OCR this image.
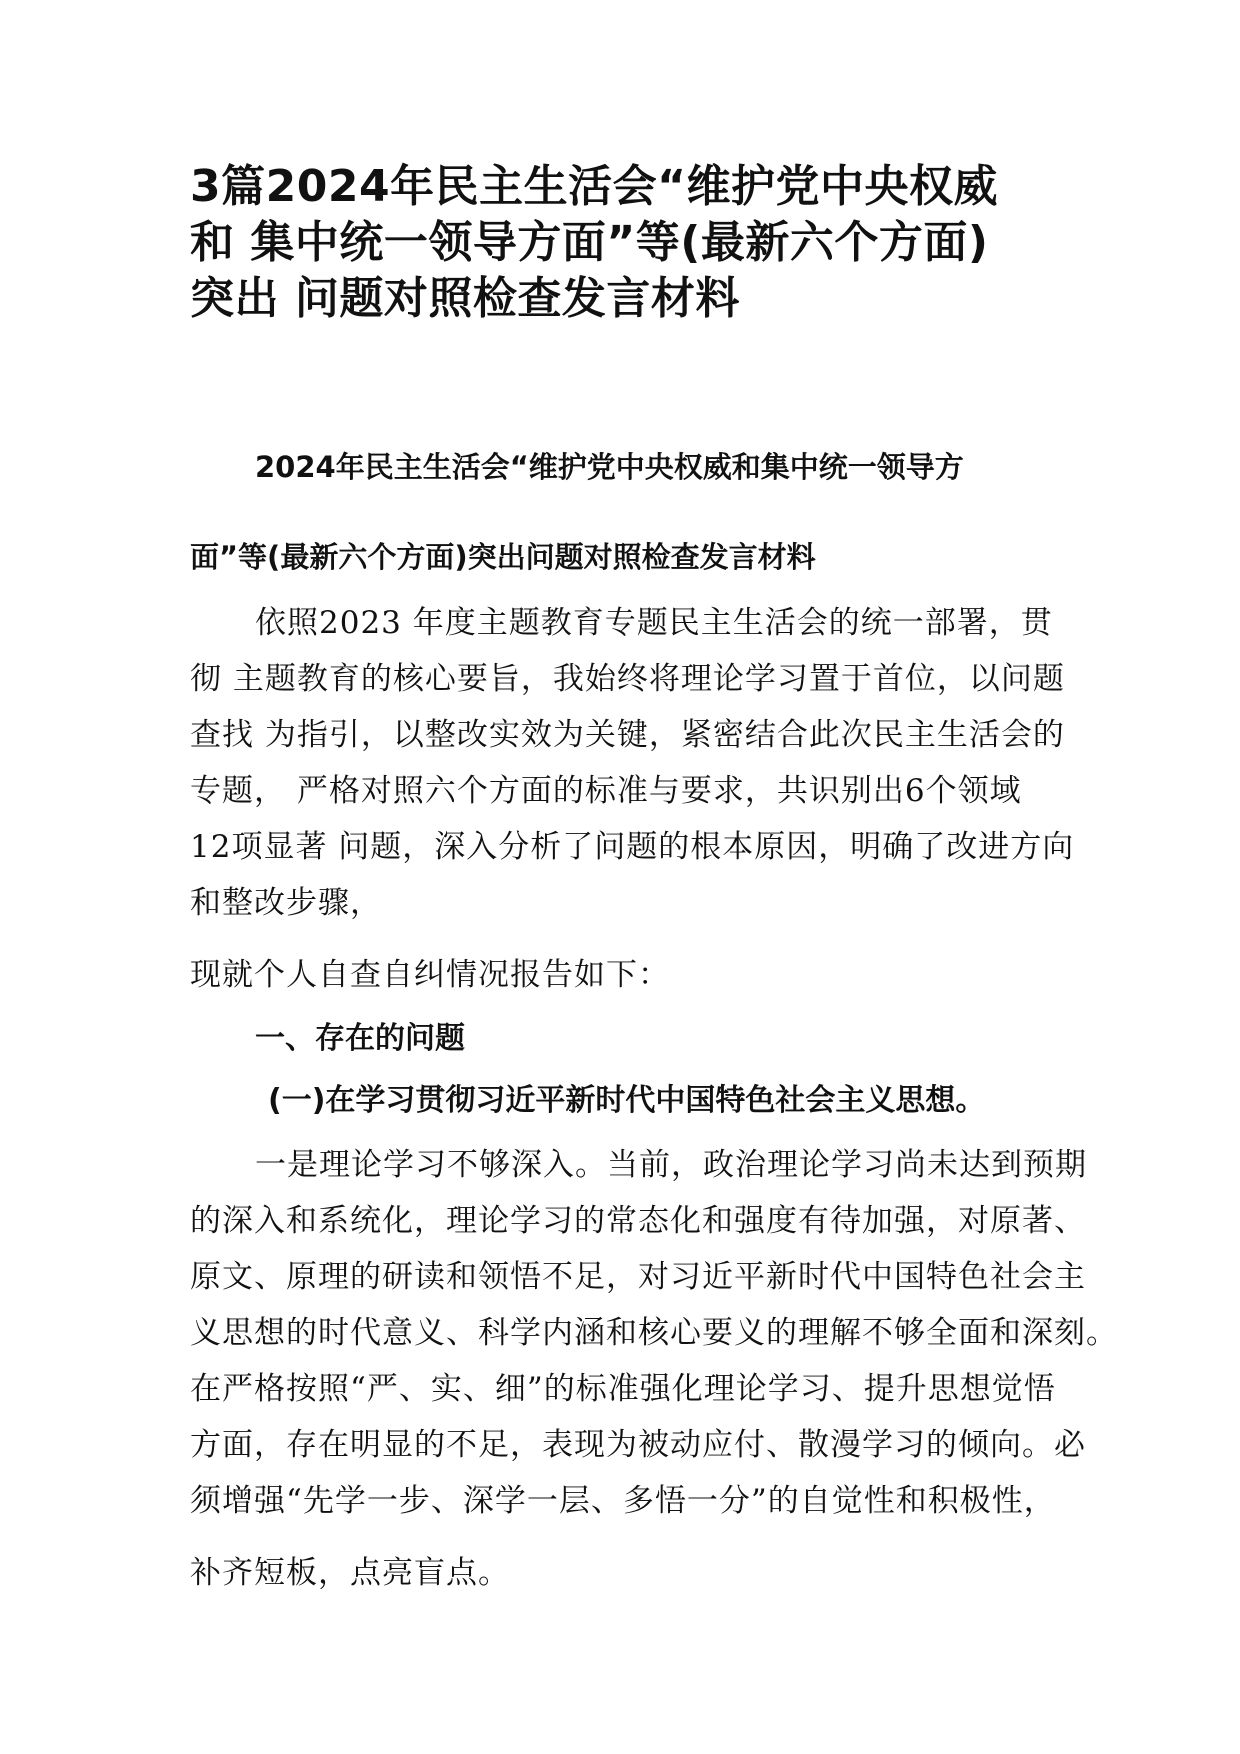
3篇2024年民主生活会“维护党中央权威
和 集中统一领导方面”等(最新六个方面)
突出 问题对照检查发言材料
2024年民主生活会“维护党中央权威和集中统一领导方
面”等(最新六个方面)突出问题对照检查发言材料
依照2023 年度主题教育专题民主生活会的统一部署，贯
彻 主题教育的核心要旨，我始终将理论学习置于首位，以问题
查找 为指引，以整改实效为关键，紧密结合此次民主生活会的
专题， 严格对照六个方面的标准与要求，共识别出6个领域
12项显著 问题，深入分析了问题的根本原因，明确了改进方向
和整改步骤，
现就个人自查自纠情况报告如下：
一、存在的问题
(一)在学习贯彻习近平新时代中国特色社会主义思想。
一是理论学习不够深入。当前，政治理论学习尚未达到预期
的深入和系统化，理论学习的常态化和强度有待加强，对原著、
原文、原理的研读和领悟不足，对习近平新时代中国特色社会主
义思想的时代意义、科学内涵和核心要义的理解不够全面和深刻。
在严格按照“严、实、细”的标准强化理论学习、提升思想觉悟
方面，存在明显的不足，表现为被动应付、散漫学习的倾向。必
须增强“先学一步、深学一层、多悟一分”的自觉性和积极性，
补齐短板，点亮盲点。
